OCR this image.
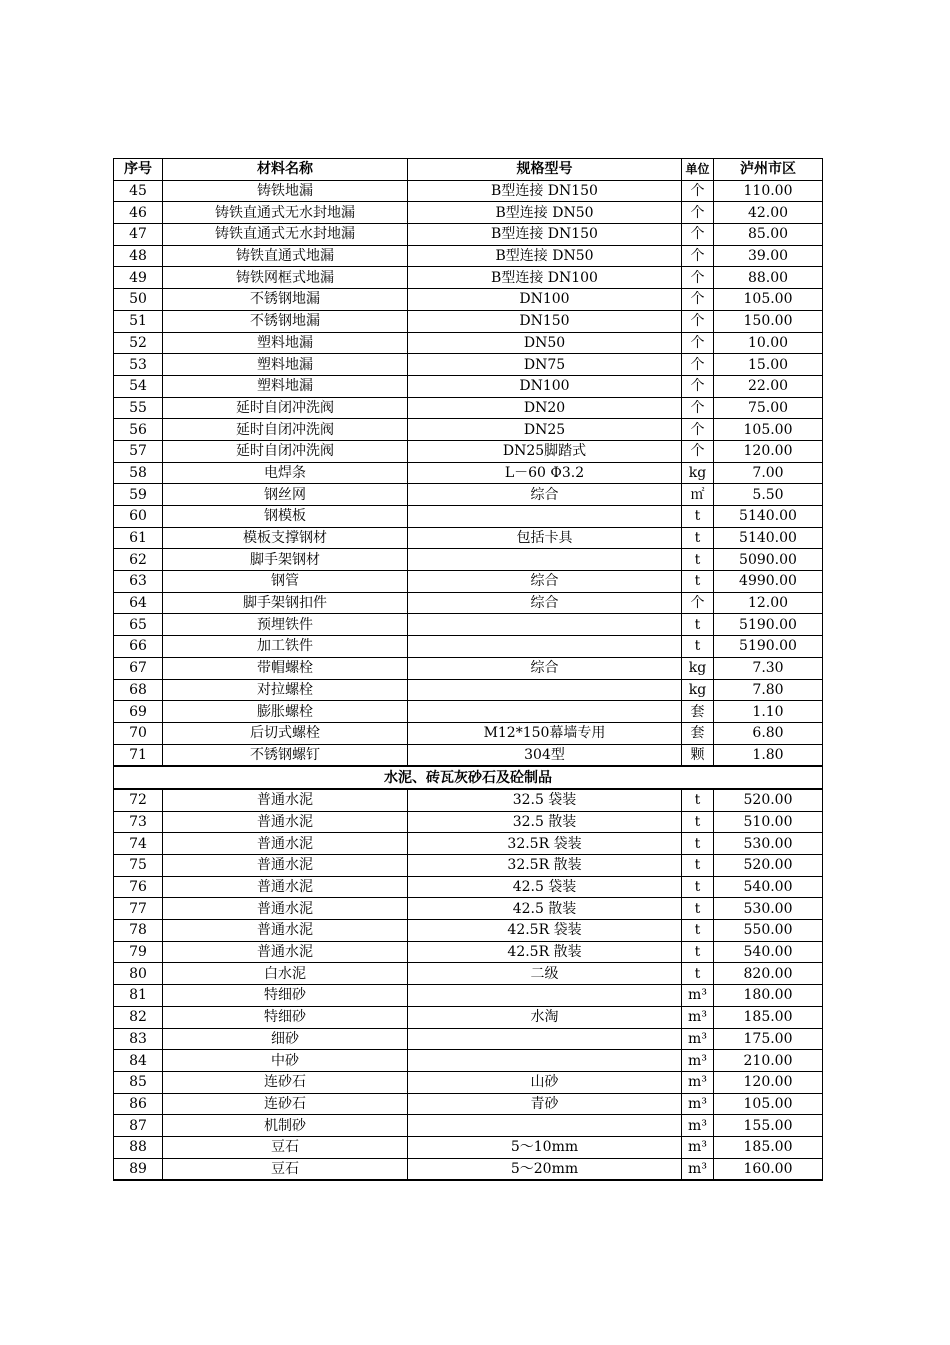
序号	材料名称	规格型号	单位	泸州市区
45	铸铁地漏	B型连接 DN150	个	110.00
46	铸铁直通式无水封地漏	B型连接 DN50	个	42.00
47	铸铁直通式无水封地漏	B型连接 DN150	个	85.00
48	铸铁直通式地漏	B型连接 DN50	个	39.00
49	铸铁网框式地漏	B型连接 DN100	个	88.00
50	不锈钢地漏	DN100	个	105.00
51	不锈钢地漏	DN150	个	150.00
52	塑料地漏	DN50	个	10.00
53	塑料地漏	DN75	个	15.00
54	塑料地漏	DN100	个	22.00
55	延时自闭冲洗阀	DN20	个	75.00
56	延时自闭冲洗阀	DN25	个	105.00
57	延时自闭冲洗阀	DN25脚踏式	个	120.00
58	电焊条	L－60 Φ3.2	kg	7.00
59	钢丝网	综合	㎡	5.50
60	钢模板		t	5140.00
61	模板支撑钢材	包括卡具	t	5140.00
62	脚手架钢材		t	5090.00
63	钢管	综合	t	4990.00
64	脚手架钢扣件	综合	个	12.00
65	预埋铁件		t	5190.00
66	加工铁件		t	5190.00
67	带帽螺栓	综合	kg	7.30
68	对拉螺栓		kg	7.80
69	膨胀螺栓		套	1.10
70	后切式螺栓	M12*150幕墙专用	套	6.80
71	不锈钢螺钉	304型	颗	1.80
水泥、砖瓦灰砂石及砼制品				
72	普通水泥	32.5 袋装	t	520.00
73	普通水泥	32.5 散装	t	510.00
74	普通水泥	32.5R 袋装	t	530.00
75	普通水泥	32.5R 散装	t	520.00
76	普通水泥	42.5 袋装	t	540.00
77	普通水泥	42.5 散装	t	530.00
78	普通水泥	42.5R 袋装	t	550.00
79	普通水泥	42.5R 散装	t	540.00
80	白水泥	二级	t	820.00
81	特细砂		m³	180.00
82	特细砂	水淘	m³	185.00
83	细砂		m³	175.00
84	中砂		m³	210.00
85	连砂石	山砂	m³	120.00
86	连砂石	青砂	m³	105.00
87	机制砂		m³	155.00
88	豆石	5～10mm	m³	185.00
89	豆石	5～20mm	m³	160.00
